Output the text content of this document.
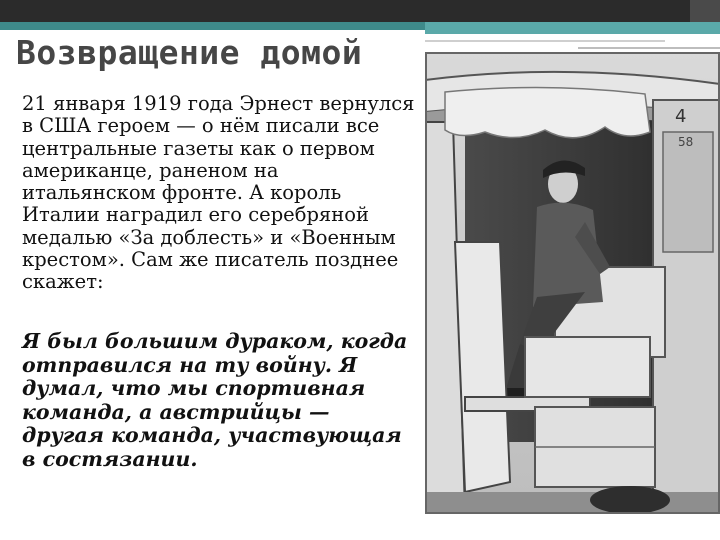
4
58
Возвращение домой

21 января 1919 года Эрнест вернулся в США героем — о нём писали все центральные газеты как о первом американце, раненом на итальянском фронте. А король Италии наградил его серебряной медалью «За доблесть» и «Военным крестом». Сам же писатель позднее скажет:

Я был большим дураком, когда отправился на ту войну. Я думал, что мы спортивная команда, а австрийцы — другая команда, участвующая в состязании.
